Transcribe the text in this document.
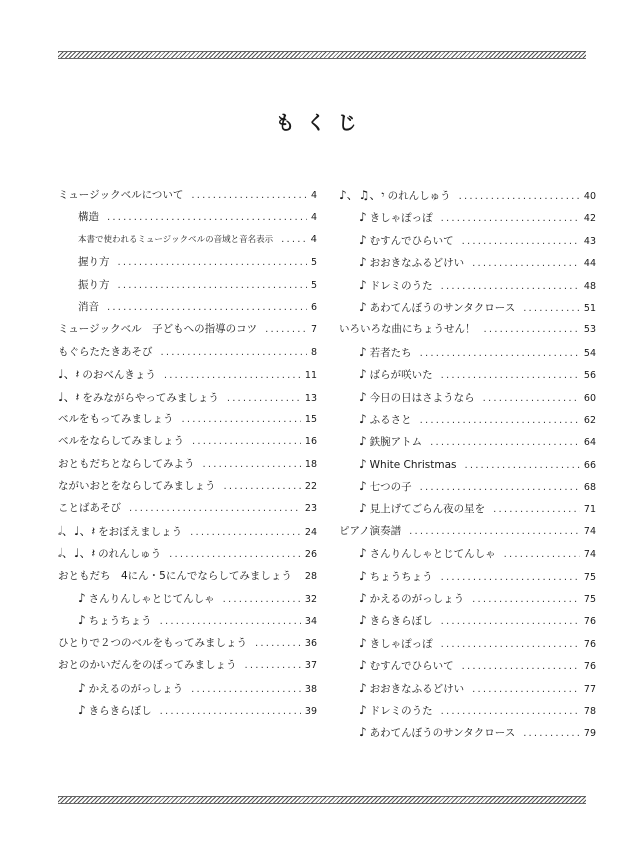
もくじ
ミュージックベルについて . . .	4
構造 . . .	4
本書で使われるミュージックベルの音域と音名表示 . . .	4
握り方 . . .	5
振り方 . . .	5
消音 . . .	6
ミュージックベル　子どもへの指導のコツ . . .	7
もぐらたたきあそび . . .	8
♩、𝄽 のおべんきょう . . .	11
♩、𝄽 をみながらやってみましょう . . .	13
ベルをもってみましょう . . .	15
ベルをならしてみましょう . . .	16
おともだちとならしてみよう . . .	18
ながいおとをならしてみましょう . . .	22
ことばあそび . . .	23
𝅗𝅥、♩、𝄽 をおぼえましょう . . .	24
𝅗𝅥、♩、𝄽 のれんしゅう . . .	26
おともだち　4にん・5にんでならしてみましょう . . . 28
♪ さんりんしゃとじてんしゃ . . .	32
♪ ちょうちょう . . .	34
ひとりで２つのベルをもってみましょう . . .	36
おとのかいだんをのぼってみましょう . . .	37
♪ かえるのがっしょう . . .	38
♪ きらきらぼし . . .	39
♪、♫、𝄾 のれんしゅう . . .	40
♪ きしゃぽっぽ . . .	42
♪ むすんでひらいて . . .	43
♪ おおきなふるどけい . . .	44
♪ ドレミのうた . . .	48
♪ あわてんぼうのサンタクロース . . .	51
いろいろな曲にちょうせん！ . . .	53
♪ 若者たち . . .	54
♪ ばらが咲いた . . .	56
♪ 今日の日はさようなら . . .	60
♪ ふるさと . . .	62
♪ 鉄腕アトム . . .	64
♪ White Christmas . . .	66
♪ 七つの子 . . .	68
♪ 見上げてごらん夜の星を . . .	71
ピアノ演奏譜 . . .	74
♪ さんりんしゃとじてんしゃ . . .	74
♪ ちょうちょう . . .	75
♪ かえるのがっしょう . . .	75
♪ きらきらぼし . . .	76
♪ きしゃぽっぽ . . .	76
♪ むすんでひらいて . . .	76
♪ おおきなふるどけい . . .	77
♪ ドレミのうた . . .	78
♪ あわてんぼうのサンタクロース . . .	79
